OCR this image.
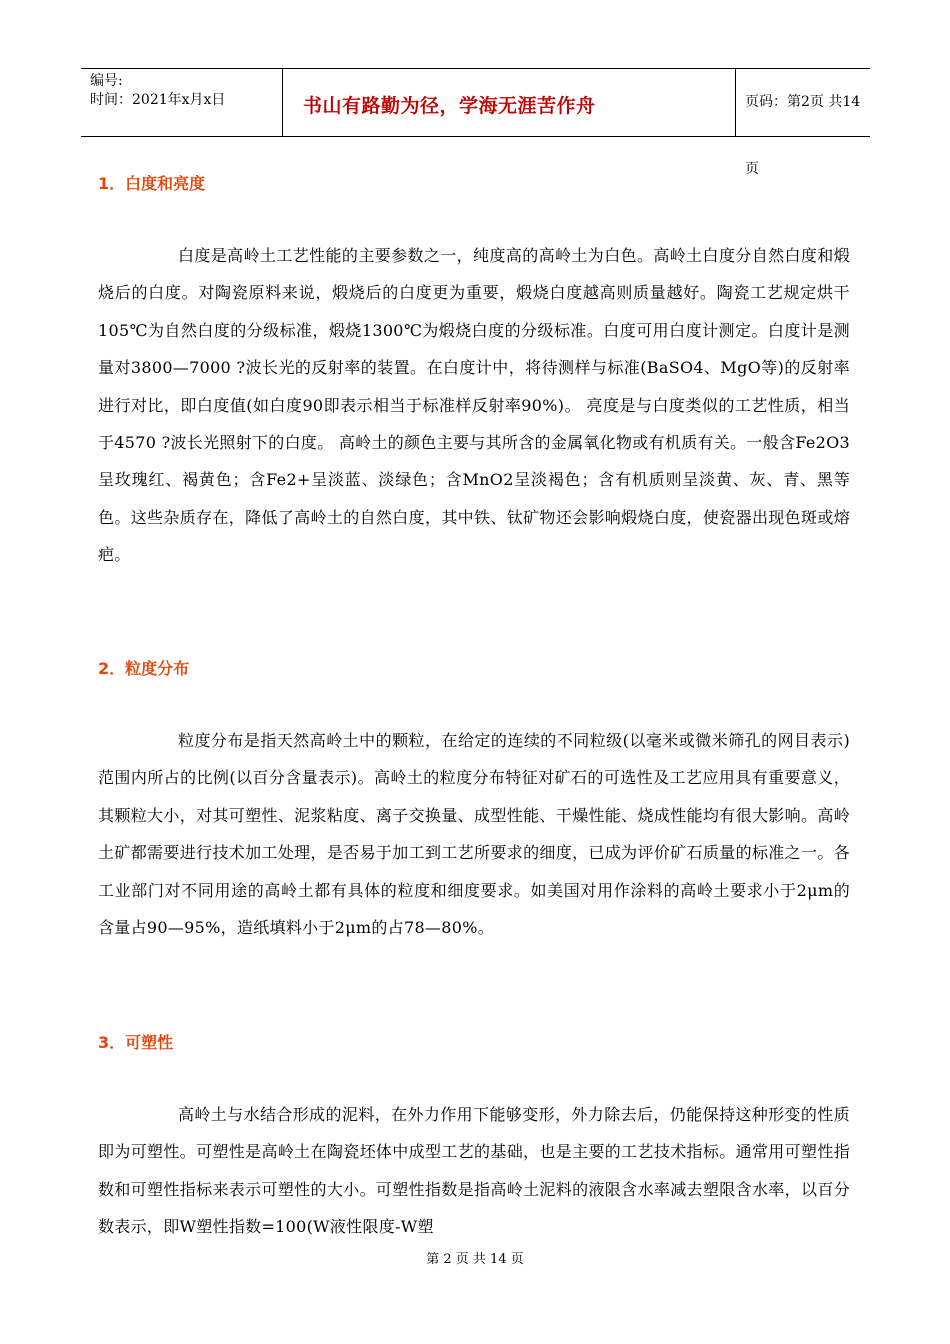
编号:
时间：2021年x月x日	书山有路勤为径，学海无涯苦作舟	页码：第2页 共14页
1．白度和亮度
白度是高岭土工艺性能的主要参数之一，纯度高的高岭土为白色。高岭土白度分自然白度和煅烧后的白度。对陶瓷原料来说，煅烧后的白度更为重要，煅烧白度越高则质量越好。陶瓷工艺规定烘干105℃为自然白度的分级标准，煅烧1300℃为煅烧白度的分级标准。白度可用白度计测定。白度计是测量对3800—7000 ?波长光的反射率的装置。在白度计中，将待测样与标准(BaSO4、MgO等)的反射率进行对比，即白度值(如白度90即表示相当于标准样反射率90%)。 亮度是与白度类似的工艺性质，相当于4570 ?波长光照射下的白度。 高岭土的颜色主要与其所含的金属氧化物或有机质有关。一般含Fe2O3呈玫瑰红、褐黄色；含Fe2+呈淡蓝、淡绿色；含MnO2呈淡褐色；含有机质则呈淡黄、灰、青、黑等色。这些杂质存在，降低了高岭土的自然白度，其中铁、钛矿物还会影响煅烧白度，使瓷器出现色斑或熔疤。
2．粒度分布
粒度分布是指天然高岭土中的颗粒，在给定的连续的不同粒级(以毫米或微米筛孔的网目表示)范围内所占的比例(以百分含量表示)。高岭土的粒度分布特征对矿石的可选性及工艺应用具有重要意义，其颗粒大小，对其可塑性、泥浆粘度、离子交换量、成型性能、干燥性能、烧成性能均有很大影响。高岭土矿都需要进行技术加工处理，是否易于加工到工艺所要求的细度，已成为评价矿石质量的标准之一。各工业部门对不同用途的高岭土都有具体的粒度和细度要求。如美国对用作涂料的高岭土要求小于2μm的含量占90—95%，造纸填料小于2μm的占78—80%。
3．可塑性
高岭土与水结合形成的泥料，在外力作用下能够变形，外力除去后，仍能保持这种形变的性质即为可塑性。可塑性是高岭土在陶瓷坯体中成型工艺的基础，也是主要的工艺技术指标。通常用可塑性指数和可塑性指标来表示可塑性的大小。可塑性指数是指高岭土泥料的液限含水率减去塑限含水率，以百分数表示，即W塑性指数=100(W液性限度-W塑
第 2 页 共 14 页
